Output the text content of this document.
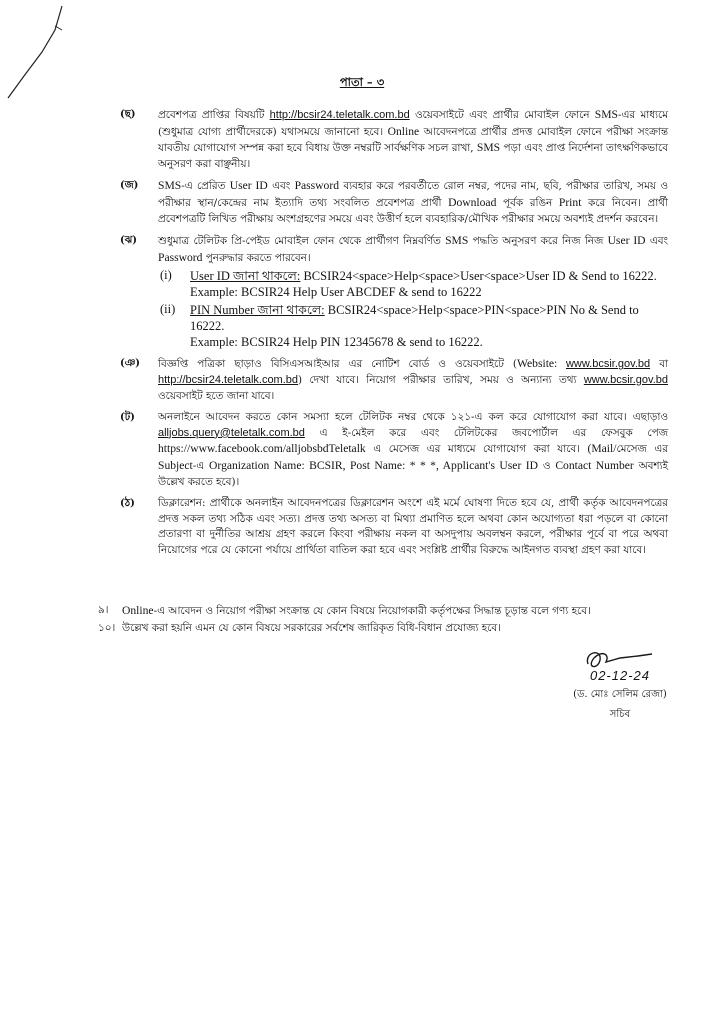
পাতা – ৩
(ছ)	প্রবেশপত্র প্রাপ্তির বিষয়টি http://bcsir24.teletalk.com.bd ওয়েবসাইটে এবং প্রার্থীর মোবাইল ফোনে SMS-এর মাধ্যমে (শুধুমাত্র যোগ্য প্রার্থীদেরকে) যথাসময়ে জানানো হবে। Online আবেদনপত্রে প্রার্থীর প্রদত্ত মোবাইল ফোনে পরীক্ষা সংক্রান্ত যাবতীয় যোগাযোগ সম্পন্ন করা হবে বিধায় উক্ত নম্বরটি সার্বক্ষণিক সচল রাখা, SMS পড়া এবং প্রাপ্ত নির্দেশনা তাৎক্ষণিকভাবে অনুসরণ করা বাঞ্ছনীয়।
(জ)	SMS-এ প্রেরিত User ID এবং Password ব্যবহার করে পরবর্তীতে রোল নম্বর, পদের নাম, ছবি, পরীক্ষার তারিখ, সময় ও পরীক্ষার স্থান/কেন্দ্রের নাম ইত্যাদি তথ্য সংবলিত প্রবেশপত্র প্রার্থী Download পূর্বক রঙিন Print করে নিবেন। প্রার্থী প্রবেশপত্রটি লিখিত পরীক্ষায় অংশগ্রহণের সময়ে এবং উত্তীর্ণ হলে ব্যবহারিক/মৌখিক পরীক্ষার সময়ে অবশ্যই প্রদর্শন করবেন।
(ঝ)	শুধুমাত্র টেলিটক প্রি-পেইড মোবাইল ফোন থেকে প্রার্থীগণ নিম্নবর্ণিত SMS পদ্ধতি অনুসরণ করে নিজ নিজ User ID এবং Password পুনরুদ্ধার করতে পারবেন।
(i) User ID জানা থাকলে: BCSIR24<space>Help<space>User<space>User ID & Send to 16222.
Example: BCSIR24 Help User ABCDEF & send to 16222
(ii) PIN Number জানা থাকলে: BCSIR24<space>Help<space>PIN<space>PIN No & Send to 16222.
Example: BCSIR24 Help PIN 12345678 & send to 16222.
(ঞ)	বিজ্ঞপ্তি পত্রিকা ছাড়াও বিসিএসআইআর এর নোটিশ বোর্ড ও ওয়েবসাইটে (Website: www.bcsir.gov.bd বা http://bcsir24.teletalk.com.bd) দেখা যাবে। নিয়োগ পরীক্ষার তারিখ, সময় ও অন্যান্য তথ্য www.bcsir.gov.bd ওয়েবসাইট হতে জানা যাবে।
(ট)	অনলাইনে আবেদন করতে কোন সমস্যা হলে টেলিটক নম্বর থেকে ১২১-এ কল করে যোগাযোগ করা যাবে। এছাড়াও alljobs.query@teletalk.com.bd এ ই-মেইল করে এবং টেলিটকের জবপোর্টাল এর ফেসবুক পেজ https://www.facebook.com/alljobsbdTeletalk এ মেসেজ এর মাধ্যমে যোগাযোগ করা যাবে। (Mail/মেসেজ এর Subject-এ Organization Name: BCSIR, Post Name: * * *, Applicant's User ID ও Contact Number অবশ্যই উল্লেখ করতে হবে)।
(ঠ)	ডিক্লারেশন: প্রার্থীকে অনলাইন আবেদনপত্রের ডিক্লারেশন অংশে এই মর্মে ঘোষণা দিতে হবে যে, প্রার্থী কর্তৃক আবেদনপত্রের প্রদত্ত সকল তথ্য সঠিক এবং সত্য। প্রদত্ত তথ্য অসত্য বা মিথ্যা প্রমাণিত হলে অথবা কোন অযোগ্যতা ধরা পড়লে বা কোনো প্রতারণা বা দুর্নীতির আশ্রয় গ্রহণ করলে কিংবা পরীক্ষায় নকল বা অসদুপায় অবলম্বন করলে, পরীক্ষার পূর্বে বা পরে অথবা নিয়োগের পরে যে কোনো পর্যায়ে প্রার্থিতা বাতিল করা হবে এবং সংশ্লিষ্ট প্রার্থীর বিরুদ্ধে আইনগত ব্যবস্থা গ্রহণ করা যাবে।
৯। Online-এ আবেদন ও নিয়োগ পরীক্ষা সংক্রান্ত যে কোন বিষয়ে নিয়োগকারী কর্তৃপক্ষের সিদ্ধান্ত চূড়ান্ত বলে গণ্য হবে।
১০। উল্লেখ করা হয়নি এমন যে কোন বিষয়ে সরকারের সর্বশেষ জারিকৃত বিধি-বিধান প্রযোজ্য হবে।
02-12-24
(ড. মোঃ সেলিম রেজা)
সচিব
